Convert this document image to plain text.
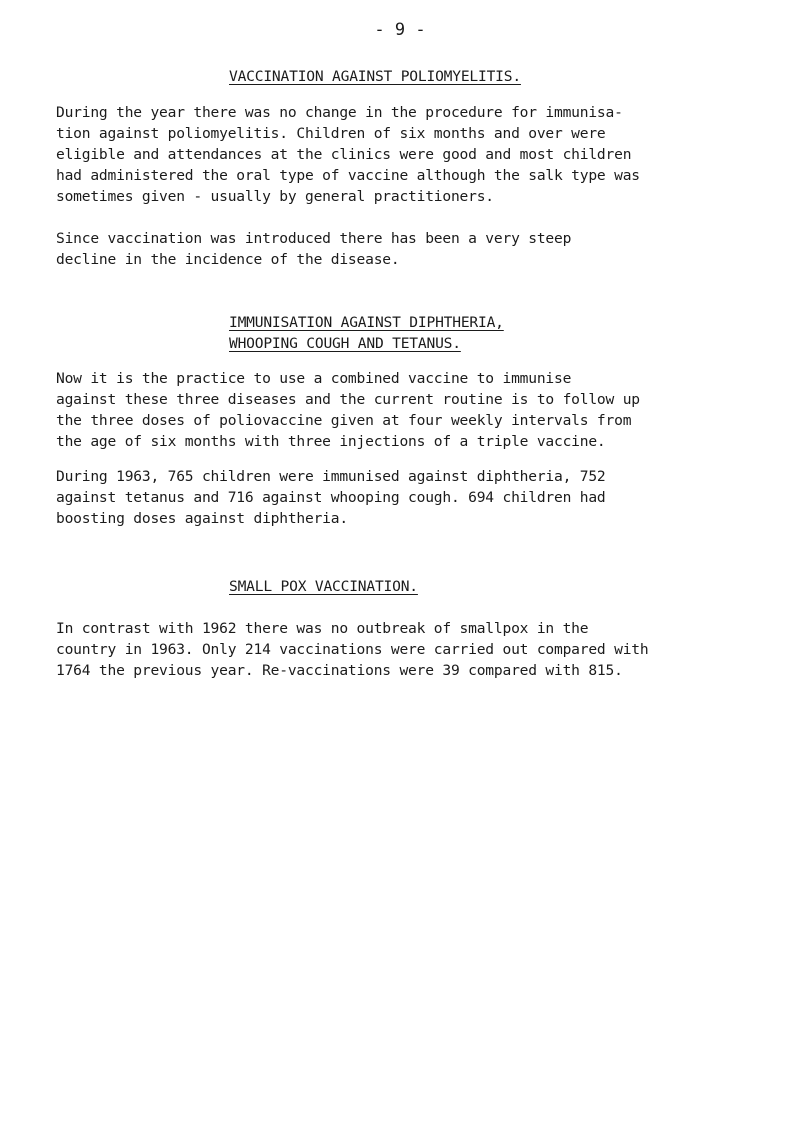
- 9 -
VACCINATION AGAINST POLIOMYELITIS.

During the year there was no change in the procedure for immunisa-
tion against poliomyelitis. Children of six months and over were
eligible and attendances at the clinics were good and most children
had administered the oral type of vaccine although the salk type was
sometimes given - usually by general practitioners.

Since vaccination was introduced there has been a very steep
decline in the incidence of the disease.

IMMUNISATION AGAINST DIPHTHERIA,
WHOOPING COUGH AND TETANUS.

Now it is the practice to use a combined vaccine to immunise
against these three diseases and the current routine is to follow up
the three doses of poliovaccine given at four weekly intervals from
the age of six months with three injections of a triple vaccine.

During 1963, 765 children were immunised against diphtheria, 752
against tetanus and 716 against whooping cough. 694 children had
boosting doses against diphtheria.

SMALL POX VACCINATION.

In contrast with 1962 there was no outbreak of smallpox in the
country in 1963. Only 214 vaccinations were carried out compared with
1764 the previous year. Re-vaccinations were 39 compared with 815.
